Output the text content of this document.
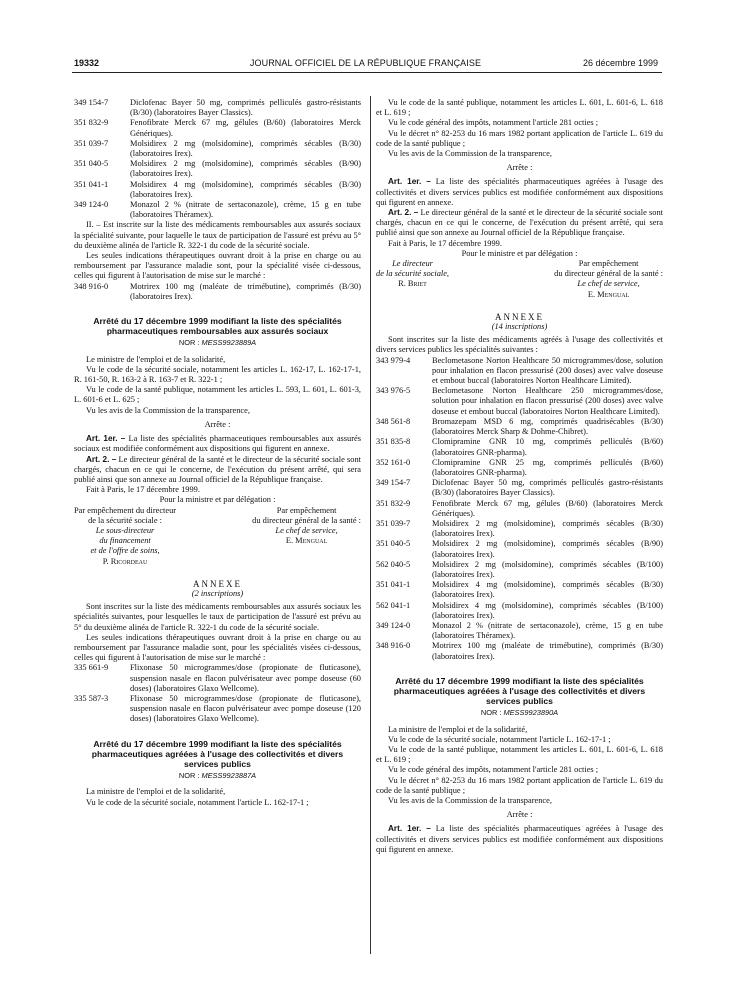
19332	JOURNAL OFFICIEL DE LA RÉPUBLIQUE FRANÇAISE	26 décembre 1999
349 154-7	Diclofenac Bayer 50 mg, comprimés pelliculés gastro-résistants (B/30) (laboratoires Bayer Classics).
351 832-9	Fenofibrate Merck 67 mg, gélules (B/60) (laboratoires Merck Génériques).
351 039-7	Molsidirex 2 mg (molsidomine), comprimés sécables (B/30) (laboratoires Irex).
351 040-5	Molsidirex 2 mg (molsidomine), comprimés sécables (B/90) (laboratoires Irex).
351 041-1	Molsidirex 4 mg (molsidomine), comprimés sécables (B/30) (laboratoires Irex).
349 124-0	Monazol 2 % (nitrate de sertaconazole), crème, 15 g en tube (laboratoires Théramex).

II. – Est inscrite sur la liste des médicaments remboursables aux assurés sociaux la spécialité suivante, pour laquelle le taux de participation de l'assuré est prévu au 5° du deuxième alinéa de l'article R. 322-1 du code de la sécurité sociale.

Les seules indications thérapeutiques ouvrant droit à la prise en charge ou au remboursement par l'assurance maladie sont, pour la spécialité visée ci-dessous, celles qui figurent à l'autorisation de mise sur le marché :

348 916-0	Motrirex 100 mg (maléate de trimébutine), comprimés (B/30) (laboratoires Irex).
Arrêté du 17 décembre 1999 modifiant la liste des spécialités pharmaceutiques remboursables aux assurés sociaux
NOR : MESS9923889A

Le ministre de l'emploi et de la solidarité,

Vu le code de la sécurité sociale, notamment les articles L. 162-17, L. 162-17-1, R. 161-50, R. 163-2 à R. 163-7 et R. 322-1 ;

Vu le code de la santé publique, notamment les articles L. 593, L. 601, L. 601-3, L. 601-6 et L. 625 ;

Vu les avis de la Commission de la transparence,

Arrête :

Art. 1er. – La liste des spécialités pharmaceutiques remboursables aux assurés sociaux est modifiée conformément aux dispositions qui figurent en annexe.

Art. 2. – Le directeur général de la santé et le directeur de la sécurité sociale sont chargés, chacun en ce qui le concerne, de l'exécution du présent arrêté, qui sera publié ainsi que son annexe au Journal officiel de la République française.

Fait à Paris, le 17 décembre 1999.

Pour la ministre et par délégation :

Par empêchement du directeur
de la sécurité sociale :
Le sous-directeur
du financement
et de l'offre de soins,
P. Ricordeau
Par empêchement
du directeur général de la santé :
Le chef de service,
E. Mengual
ANNEXE
(2 inscriptions)

Sont inscrites sur la liste des médicaments remboursables aux assurés sociaux les spécialités suivantes, pour lesquelles le taux de participation de l'assuré est prévu au 5° du deuxième alinéa de l'article R. 322-1 du code de la sécurité sociale.

Les seules indications thérapeutiques ouvrant droit à la prise en charge ou au remboursement par l'assurance maladie sont, pour les spécialités visées ci-dessous, celles qui figurent à l'autorisation de mise sur le marché :

335 661-9	Flixonase 50 microgrammes/dose (propionate de fluticasone), suspension nasale en flacon pulvérisateur avec pompe doseuse (60 doses) (laboratoires Glaxo Wellcome).
335 587-3	Flixonase 50 microgrammes/dose (propionate de fluticasone), suspension nasale en flacon pulvérisateur avec pompe doseuse (120 doses) (laboratoires Glaxo Wellcome).
Arrêté du 17 décembre 1999 modifiant la liste des spécialités pharmaceutiques agréées à l'usage des collectivités et divers services publics
NOR : MESS9923887A

La ministre de l'emploi et de la solidarité,

Vu le code de la sécurité sociale, notamment l'article L. 162-17-1 ;

Vu le code de la santé publique, notamment les articles L. 601, L. 601-6, L. 618 et L. 619 ;

Vu le code général des impôts, notamment l'article 281 octies ;

Vu le décret n° 82-253 du 16 mars 1982 portant application de l'article L. 619 du code de la santé publique ;

Vu les avis de la Commission de la transparence,

Arrête :

Art. 1er. – La liste des spécialités pharmaceutiques agréées à l'usage des collectivités et divers services publics est modifiée conformément aux dispositions qui figurent en annexe.

Art. 2. – Le directeur général de la santé et le directeur de la sécurité sociale sont chargés, chacun en ce qui le concerne, de l'exécution du présent arrêté, qui sera publié ainsi que son annexe au Journal officiel de la République française.

Fait à Paris, le 17 décembre 1999.

Pour le ministre et par délégation :

Le directeur
de la sécurité sociale,
R. Briet
Par empêchement
du directeur général de la santé :
Le chef de service,
E. Mengual
ANNEXE
(14 inscriptions)

Sont inscrites sur la liste des médicaments agréés à l'usage des collectivités et divers services publics les spécialités suivantes :

343 979-4	Beclometasone Norton Healthcare 50 microgrammes/dose, solution pour inhalation en flacon pressurisé (200 doses) avec valve doseuse et embout buccal (laboratoires Norton Healthcare Limited).
343 976-5	Beclometasone Norton Healthcare 250 microgrammes/dose, solution pour inhalation en flacon pressurisé (200 doses) avec valve doseuse et embout buccal (laboratoires Norton Healthcare Limited).
348 561-8	Bromazepam MSD 6 mg, comprimés quadrisécables (B/30) (laboratoires Merck Sharp & Dohme-Chibret).
351 835-8	Clomipramine GNR 10 mg, comprimés pelliculés (B/60) (laboratoires GNR-pharma).
352 161-0	Clomipramine GNR 25 mg, comprimés pelliculés (B/60) (laboratoires GNR-pharma).
349 154-7	Diclofenac Bayer 50 mg, comprimés pelliculés gastro-résistants (B/30) (laboratoires Bayer Classics).
351 832-9	Fenofibrate Merck 67 mg, gélules (B/60) (laboratoires Merck Génériques).
351 039-7	Molsidirex 2 mg (molsidomine), comprimés sécables (B/30) (laboratoires Irex).
351 040-5	Molsidirex 2 mg (molsidomine), comprimés sécables (B/90) (laboratoires Irex).
562 040-5	Molsidirex 2 mg (molsidomine), comprimés sécables (B/100) (laboratoires Irex).
351 041-1	Molsidirex 4 mg (molsidomine), comprimés sécables (B/30) (laboratoires Irex).
562 041-1	Molsidirex 4 mg (molsidomine), comprimés sécables (B/100) (laboratoires Irex).
349 124-0	Monazol 2 % (nitrate de sertaconazole), crème, 15 g en tube (laboratoires Théramex).
348 916-0	Motrirex 100 mg (maléate de trimébutine), comprimés (B/30) (laboratoires Irex).
Arrêté du 17 décembre 1999 modifiant la liste des spécialités pharmaceutiques agréées à l'usage des collectivités et divers services publics
NOR : MESS9923890A

La ministre de l'emploi et de la solidarité,

Vu le code de la sécurité sociale, notamment l'article L. 162-17-1 ;

Vu le code de la santé publique, notamment les articles L. 601, L. 601-6, L. 618 et L. 619 ;

Vu le code général des impôts, notamment l'article 281 octies ;

Vu le décret n° 82-253 du 16 mars 1982 portant application de l'article L. 619 du code de la santé publique ;

Vu les avis de la Commission de la transparence,

Arrête :

Art. 1er. – La liste des spécialités pharmaceutiques agréées à l'usage des collectivités et divers services publics est modifiée conformément aux dispositions qui figurent en annexe.
